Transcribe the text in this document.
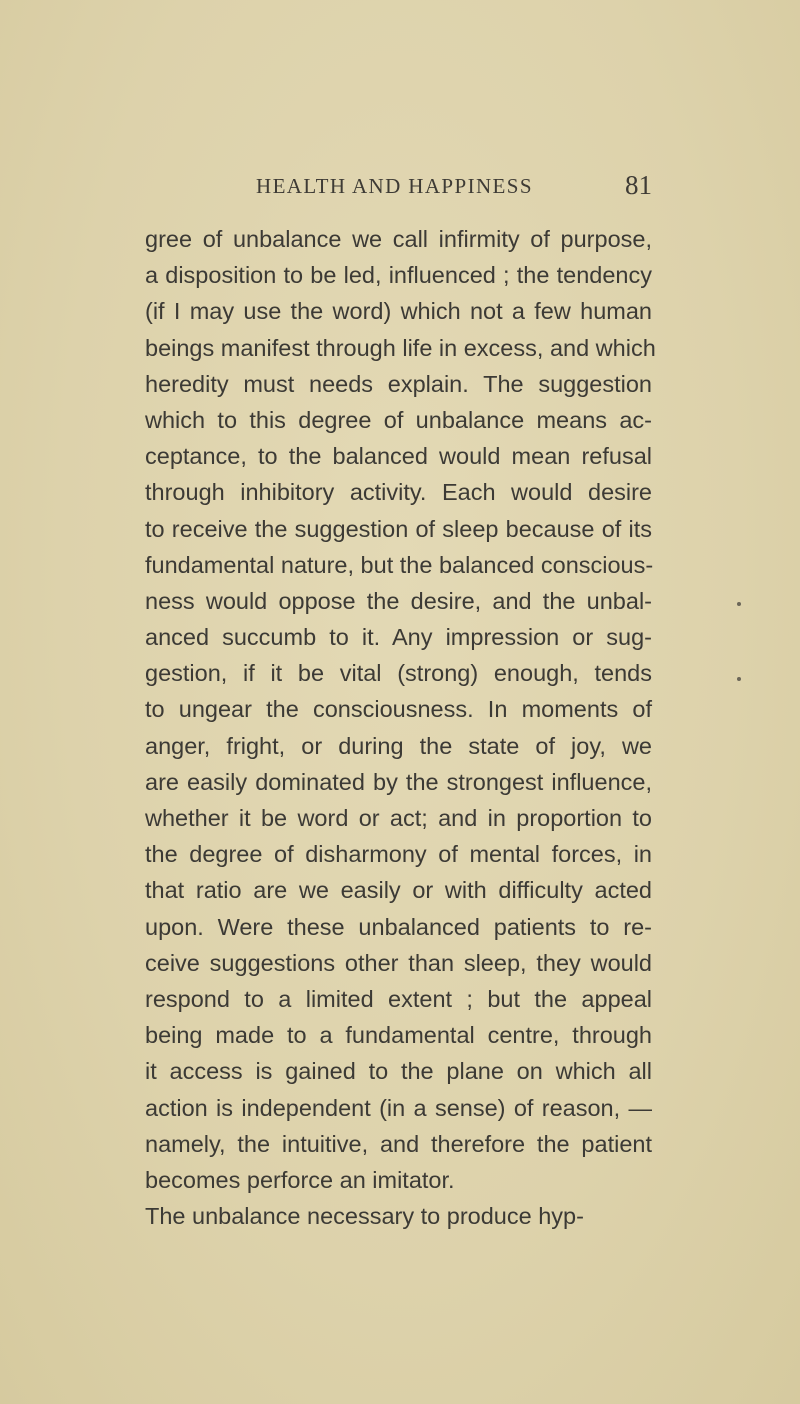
HEALTH AND HAPPINESS	81
gree of unbalance we call infirmity of purpose,
a disposition to be led, influenced ; the tendency
(if I may use the word) which not a few human
beings manifest through life in excess, and which
heredity must needs explain. The suggestion
which to this degree of unbalance means ac-
ceptance, to the balanced would mean refusal
through inhibitory activity. Each would desire
to receive the suggestion of sleep because of its
fundamental nature, but the balanced conscious-
ness would oppose the desire, and the unbal-
anced succumb to it. Any impression or sug-
gestion, if it be vital (strong) enough, tends
to ungear the consciousness. In moments of
anger, fright, or during the state of joy, we
are easily dominated by the strongest influence,
whether it be word or act; and in proportion to
the degree of disharmony of mental forces, in
that ratio are we easily or with difficulty acted
upon. Were these unbalanced patients to re-
ceive suggestions other than sleep, they would
respond to a limited extent ; but the appeal
being made to a fundamental centre, through
it access is gained to the plane on which all
action is independent (in a sense) of reason, —
namely, the intuitive, and therefore the patient
becomes perforce an imitator.
The unbalance necessary to produce hyp-
